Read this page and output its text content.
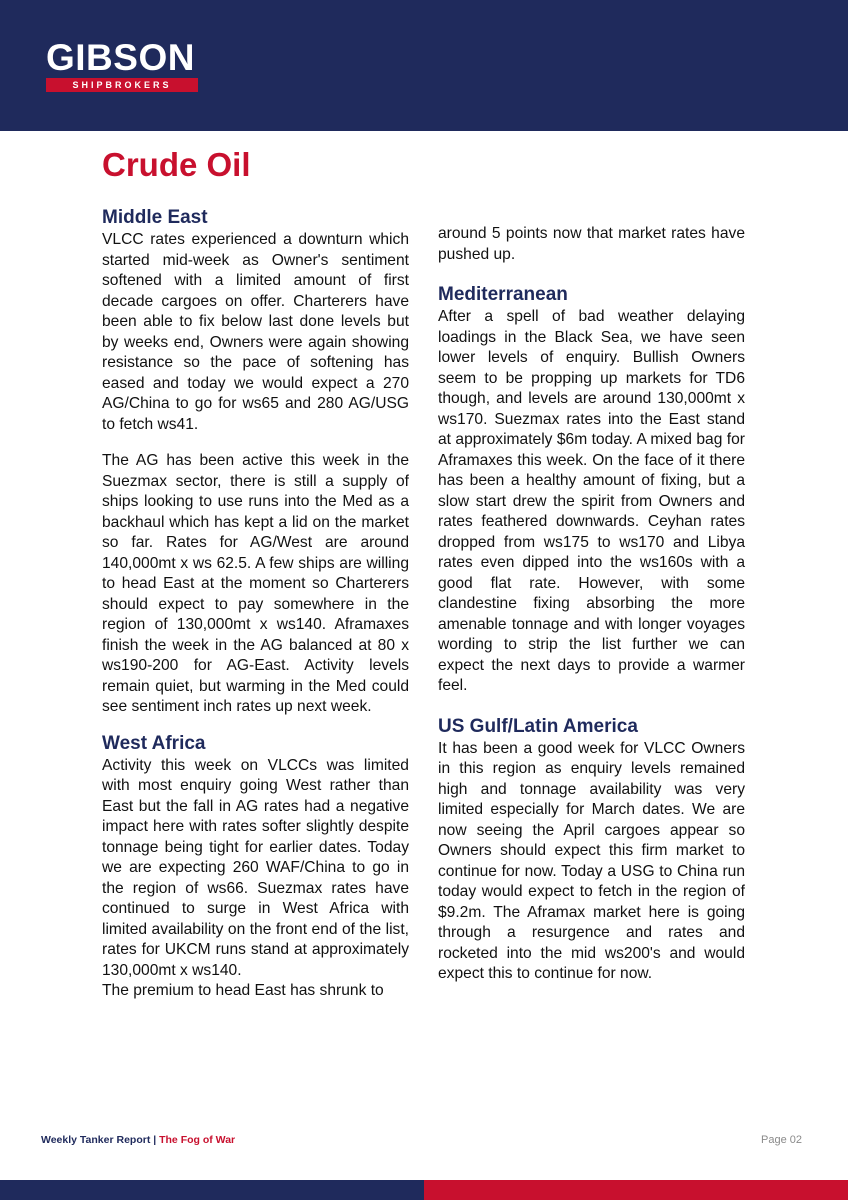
GIBSON
SHIPBROKERS
Crude Oil
Middle East

VLCC rates experienced a downturn which started mid-week as Owner's sentiment softened with a limited amount of first decade cargoes on offer. Charterers have been able to fix below last done levels but by weeks end, Owners were again showing resistance so the pace of softening has eased and today we would expect a 270 AG/China to go for ws65 and 280 AG/USG to fetch ws41.

The AG has been active this week in the Suezmax sector, there is still a supply of ships looking to use runs into the Med as a backhaul which has kept a lid on the market so far. Rates for AG/West are around 140,000mt x ws 62.5. A few ships are willing to head East at the moment so Charterers should expect to pay somewhere in the region of 130,000mt x ws140. Aframaxes finish the week in the AG balanced at 80 x ws190-200 for AG-East. Activity levels remain quiet, but warming in the Med could see sentiment inch rates up next week.

West Africa

Activity this week on VLCCs was limited with most enquiry going West rather than East but the fall in AG rates had a negative impact here with rates softer slightly despite tonnage being tight for earlier dates. Today we are expecting 260 WAF/China to go in the region of ws66. Suezmax rates have continued to surge in West Africa with limited availability on the front end of the list, rates for UKCM runs stand at approximately 130,000mt x ws140.

The premium to head East has shrunk to

around 5 points now that market rates have pushed up.

Mediterranean

After a spell of bad weather delaying loadings in the Black Sea, we have seen lower levels of enquiry. Bullish Owners seem to be propping up markets for TD6 though, and levels are around 130,000mt x ws170. Suezmax rates into the East stand at approximately $6m today. A mixed bag for Aframaxes this week. On the face of it there has been a healthy amount of fixing, but a slow start drew the spirit from Owners and rates feathered downwards. Ceyhan rates dropped from ws175 to ws170 and Libya rates even dipped into the ws160s with a good flat rate. However, with some clandestine fixing absorbing the more amenable tonnage and with longer voyages wording to strip the list further we can expect the next days to provide a warmer feel.

US Gulf/Latin America

It has been a good week for VLCC Owners in this region as enquiry levels remained high and tonnage availability was very limited especially for March dates. We are now seeing the April cargoes appear so Owners should expect this firm market to continue for now. Today a USG to China run today would expect to fetch in the region of $9.2m. The Aframax market here is going through a resurgence and rates and rocketed into the mid ws200's and would expect this to continue for now.

Weekly Tanker Report | The Fog of War	Page 02
